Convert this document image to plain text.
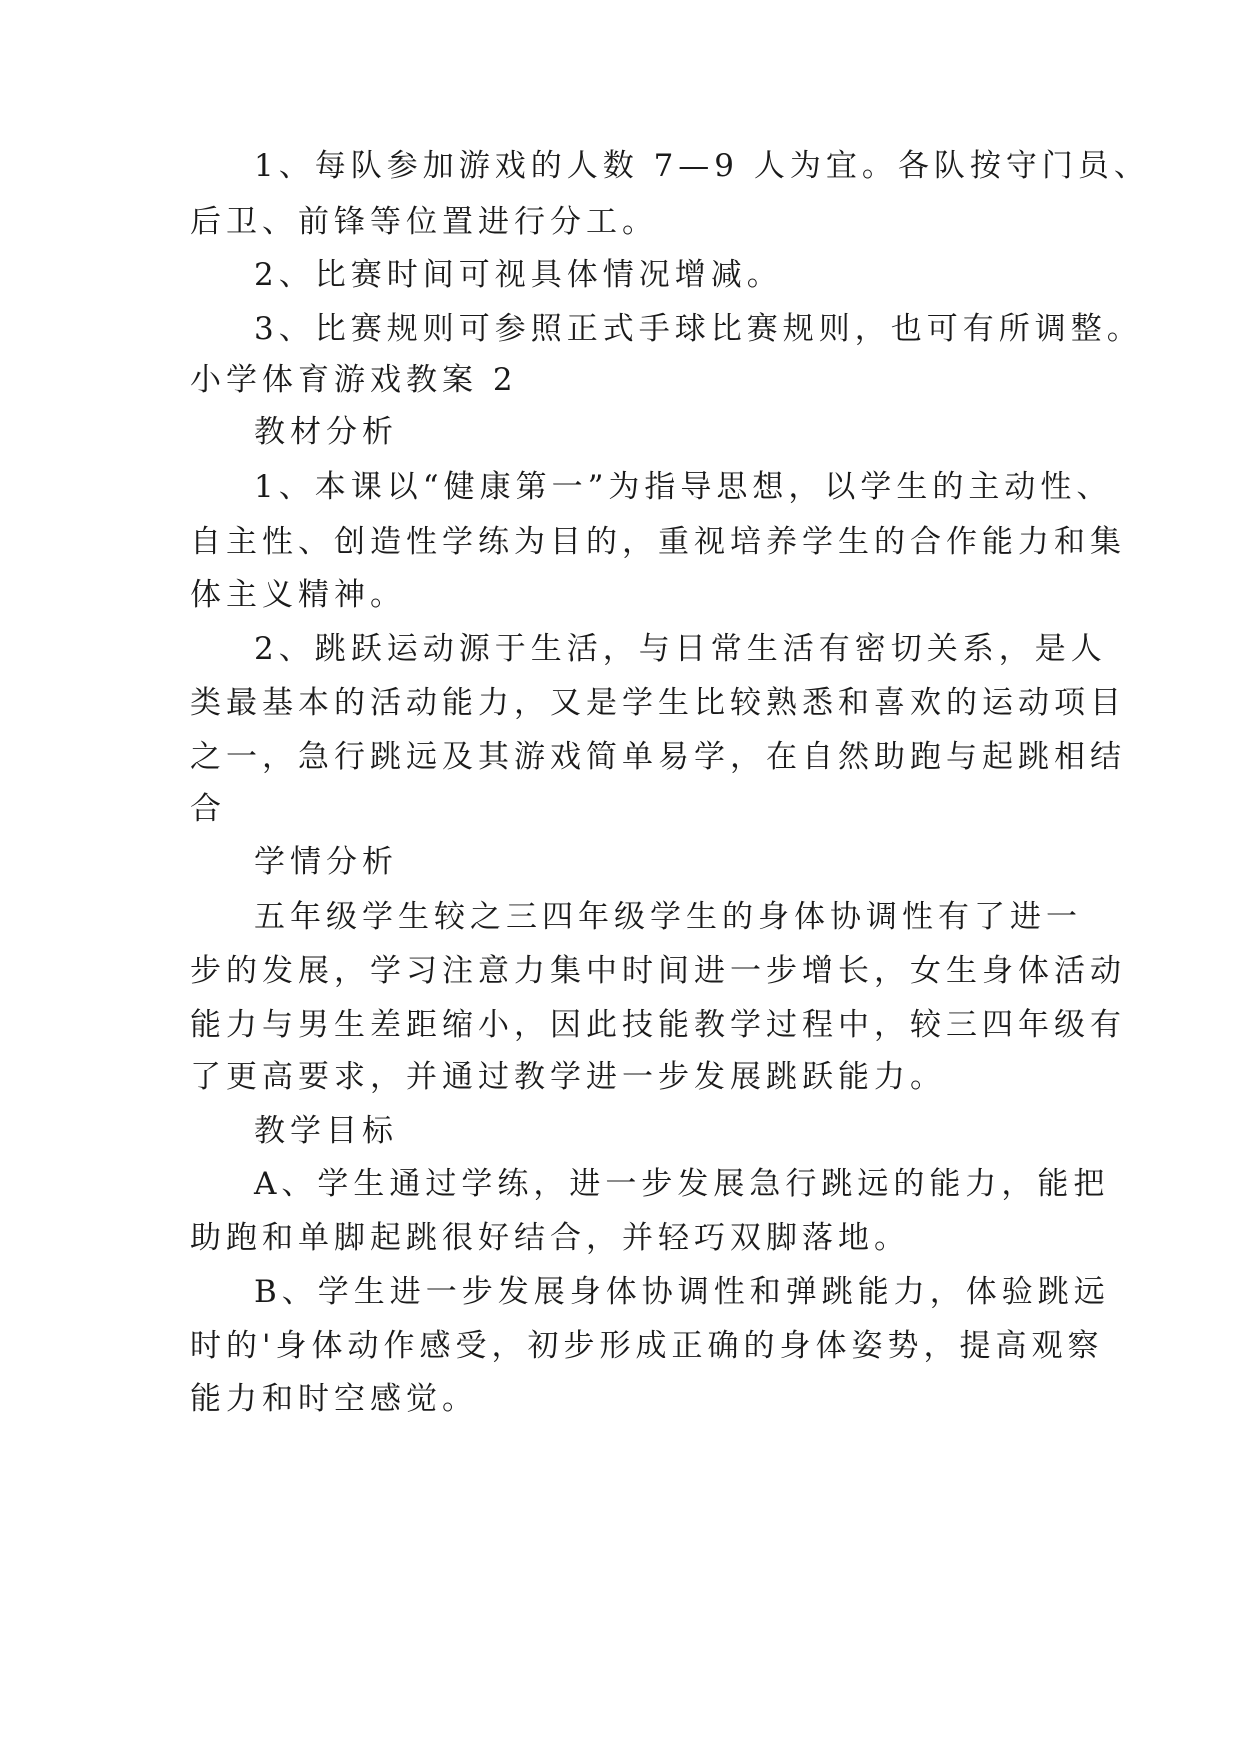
1、每队参加游戏的人数 7—9 人为宜。各队按守门员、
后卫、前锋等位置进行分工。
2、比赛时间可视具体情况增减。
3、比赛规则可参照正式手球比赛规则，也可有所调整。
小学体育游戏教案 2
教材分析
1、本课以“健康第一”为指导思想，以学生的主动性、
自主性、创造性学练为目的，重视培养学生的合作能力和集
体主义精神。
2、跳跃运动源于生活，与日常生活有密切关系，是人
类最基本的活动能力，又是学生比较熟悉和喜欢的运动项目
之一，急行跳远及其游戏简单易学，在自然助跑与起跳相结
合
学情分析
五年级学生较之三四年级学生的身体协调性有了进一
步的发展，学习注意力集中时间进一步增长，女生身体活动
能力与男生差距缩小，因此技能教学过程中，较三四年级有
了更高要求，并通过教学进一步发展跳跃能力。
教学目标
A、学生通过学练，进一步发展急行跳远的能力，能把
助跑和单脚起跳很好结合，并轻巧双脚落地。
B、学生进一步发展身体协调性和弹跳能力，体验跳远
时的'身体动作感受，初步形成正确的身体姿势，提高观察
能力和时空感觉。
